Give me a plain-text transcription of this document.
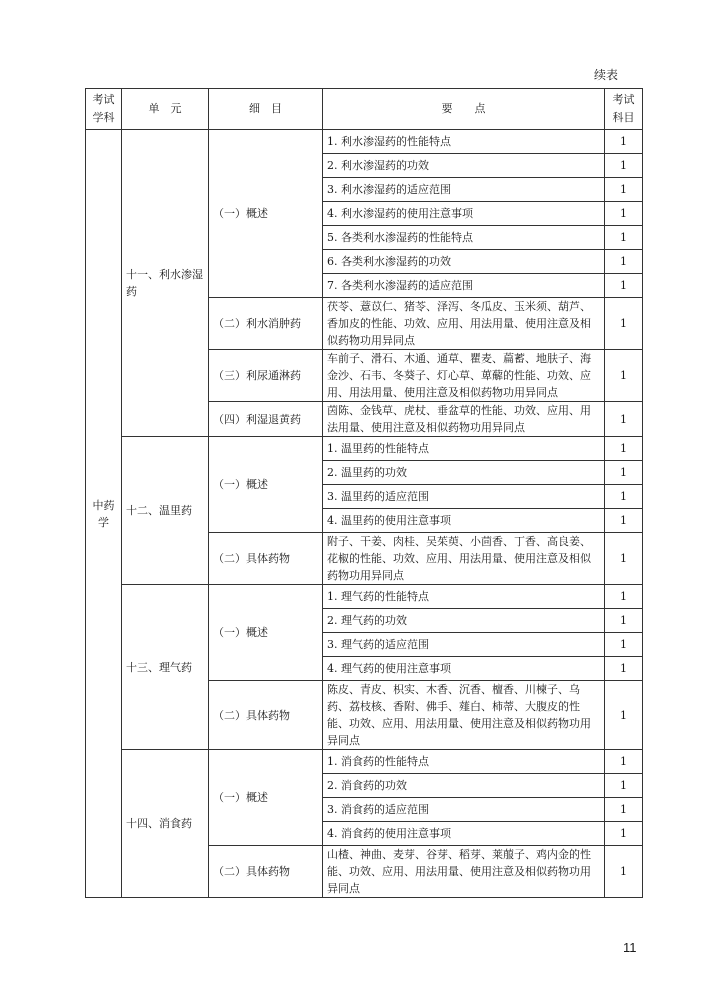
续表
考试学科	单　元	细　目	要　　点	考试科目
中药学	十一、利水渗湿药	（一）概述	1. 利水渗湿药的性能特点	1
			2. 利水渗湿药的功效	1
			3. 利水渗湿药的适应范围	1
			4. 利水渗湿药的使用注意事项	1
			5. 各类利水渗湿药的性能特点	1
			6. 各类利水渗湿药的功效	1
			7. 各类利水渗湿药的适应范围	1
		（二）利水消肿药	茯苓、薏苡仁、猪苓、泽泻、冬瓜皮、玉米须、葫芦、香加皮的性能、功效、应用、用法用量、使用注意及相似药物功用异同点	1
		（三）利尿通淋药	车前子、滑石、木通、通草、瞿麦、萹蓄、地肤子、海金沙、石韦、冬葵子、灯心草、萆薢的性能、功效、应用、用法用量、使用注意及相似药物功用异同点	1
		（四）利湿退黄药	茵陈、金钱草、虎杖、垂盆草的性能、功效、应用、用法用量、使用注意及相似药物功用异同点	1
	十二、温里药	（一）概述	1. 温里药的性能特点	1
			2. 温里药的功效	1
			3. 温里药的适应范围	1
			4. 温里药的使用注意事项	1
		（二）具体药物	附子、干姜、肉桂、吴茱萸、小茴香、丁香、高良姜、花椒的性能、功效、应用、用法用量、使用注意及相似药物功用异同点	1
	十三、理气药	（一）概述	1. 理气药的性能特点	1
			2. 理气药的功效	1
			3. 理气药的适应范围	1
			4. 理气药的使用注意事项	1
		（二）具体药物	陈皮、青皮、枳实、木香、沉香、檀香、川楝子、乌药、荔枝核、香附、佛手、薤白、柿蒂、大腹皮的性能、功效、应用、用法用量、使用注意及相似药物功用异同点	1
	十四、消食药	（一）概述	1. 消食药的性能特点	1
			2. 消食药的功效	1
			3. 消食药的适应范围	1
			4. 消食药的使用注意事项	1
		（二）具体药物	山楂、神曲、麦芽、谷芽、稻芽、莱菔子、鸡内金的性能、功效、应用、用法用量、使用注意及相似药物功用异同点	1
11
